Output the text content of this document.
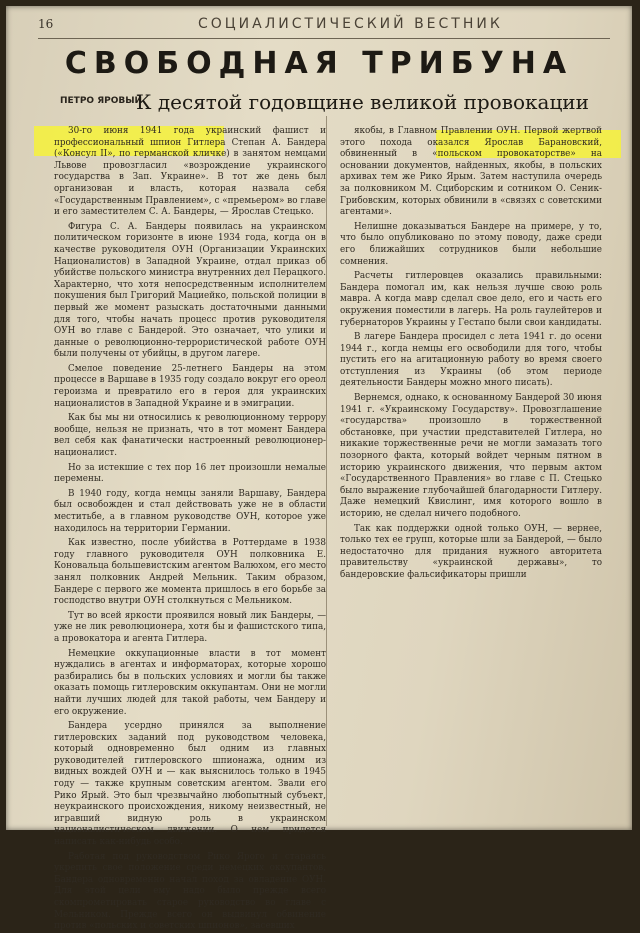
16	СОЦИАЛИСТИЧЕСКИЙ ВЕСТНИК
СВОБОДНАЯ ТРИБУНА
ПЕТРО ЯРОВЫЙ
К десятой годовщине великой провокации

30-го июня 1941 года украинский фашист и профессиональный шпион Гитлера Степан А. Бандера («Консул II», по германской кличке) в занятом немцами Львове провозгласил «возрождение украинского государства в Зап. Украине». В тот же день был организован и власть, которая назвала себя «Государственным Правлением», с «премьером» во главе и его заместителем С. А. Бандеры, — Ярослав Стецько.

Фигура С. А. Бандеры появилась на украинском политическом горизонте в июне 1934 года, когда он в качестве руководителя ОУН (Организации Украинских Националистов) в Западной Украине, отдал приказ об убийстве польского министра внутренних дел Перацкого. Характерно, что хотя непосредственным исполнителем покушения был Григорий Мациейко, польской полиции в первый же момент разыскать достаточными данными для того, чтобы начать процесс против руководителя ОУН во главе с Бандерой. Это означает, что улики и данные о революционно-террористической работе ОУН были получены от убийцы, в другом лагере.

Смелое поведение 25-летнего Бандеры на этом процессе в Варшаве в 1935 году создало вокруг его ореол героизма и превратило его в героя для украинских националистов в Западной Украине и в эмиграции.

Как бы мы ни относились к революционному террору вообще, нельзя не признать, что в тот момент Бандера вел себя как фанатически настроенный революционер-националист.

Но за истекшие с тех пор 16 лет произошли немалые перемены.

В 1940 году, когда немцы заняли Варшаву, Бандера был освобожден и стал действовать уже не в области меститьбе, а в главном руководстве ОУН, которое уже находилось на территории Германии.

Как известно, после убийства в Роттердаме в 1938 году главного руководителя ОУН полковника Е. Коновальца большевистским агентом Валюхом, его место занял полковник Андрей Мельник. Таким образом, Бандере с первого же момента пришлось в его борьбе за господство внутри ОУН столкнуться с Мельником.

Тут во всей яркости проявился новый лик Бандеры, — уже не лик революционера, хотя бы и фашистского типа, а провокатора и агента Гитлера.

Немецкие оккупационные власти в тот момент нуждались в агентах и информаторах, которые хорошо разбирались бы в польских условиях и могли бы также оказать помощь гитлеровским оккупантам. Они не могли найти лучших людей для такой работы, чем Бандеру и его окружение.

Бандера усердно принялся за выполнение гитлеровских заданий под руководством человека, который одновременно был одним из главных руководителей гитлеровского шпионажа, одним из видных вождей ОУН и — как выяснилось только в 1945 году — также крупным советским агентом. Звали его Рико Ярый. Это был чрезвычайно любопытный субъект, неукраинского происхождения, никому неизвестный, не игравший видную роль в украинском националистическом движении. О нем придется написать как-нибудь особо.

Работая под руководством Рико Ярого и стараясь укрепить свое положение среди немецких оккупантов, Бандера одновременно начал поход за овладение ОУН. Для этой цели ему надо было прежде всего скомпрометировать старое руководство во главе с Мельником. Прежде всего он выдвинул обвинение против «польских и советских шпионов», засевших

якобы, в Главном Правлении ОУН. Первой жертвой этого похода оказался Ярослав Барановский, обвиненный в «польском провокаторстве» на основании документов, найденных, якобы, в польских архивах тем же Рико Ярым. Затем наступила очередь за полковником М. Сциборским и сотником О. Сеник-Грибовским, которых обвинили в «связях с советскими агентами».

Нелишне доказываться Бандере на примере, у то, что было опубликовано по этому поводу, даже среди его ближайших сотрудников были небольшие сомнения.

Расчеты гитлеровцев оказались правильными: Бандера помогал им, как нельзя лучше свою роль мавра. А когда мавр сделал свое дело, его и часть его окружения поместили в лагерь. На роль гаулейтеров и губернаторов Украины у Гестапо были свои кандидаты.

В лагере Бандера просидел с лета 1941 г. до осени 1944 г., когда немцы его освободили для того, чтобы пустить его на агитационную работу во время своего отступления из Украины (об этом периоде деятельности Бандеры можно много писать).

Вернемся, однако, к основанному Бандерой 30 июня 1941 г. «Украинскому Государству». Провозглашение «государства» произошло в торжественной обстановке, при участии представителей Гитлера, но никакие торжественные речи не могли замазать того позорного факта, который войдет черным пятном в историю украинского движения, что первым актом «Государственного Правления» во главе с П. Стецько было выражение глубочайшей благодарности Гитлеру. Даже немецкий Квислинг, имя которого вошло в историю, не сделал ничего подобного.

Так как поддержки одной только ОУН, — вернее, только тех ее групп, которые шли за Бандерой, — было недостаточно для придания нужного авторитета правительству «украинской державы», то бандеровские фальсификаторы пришли
